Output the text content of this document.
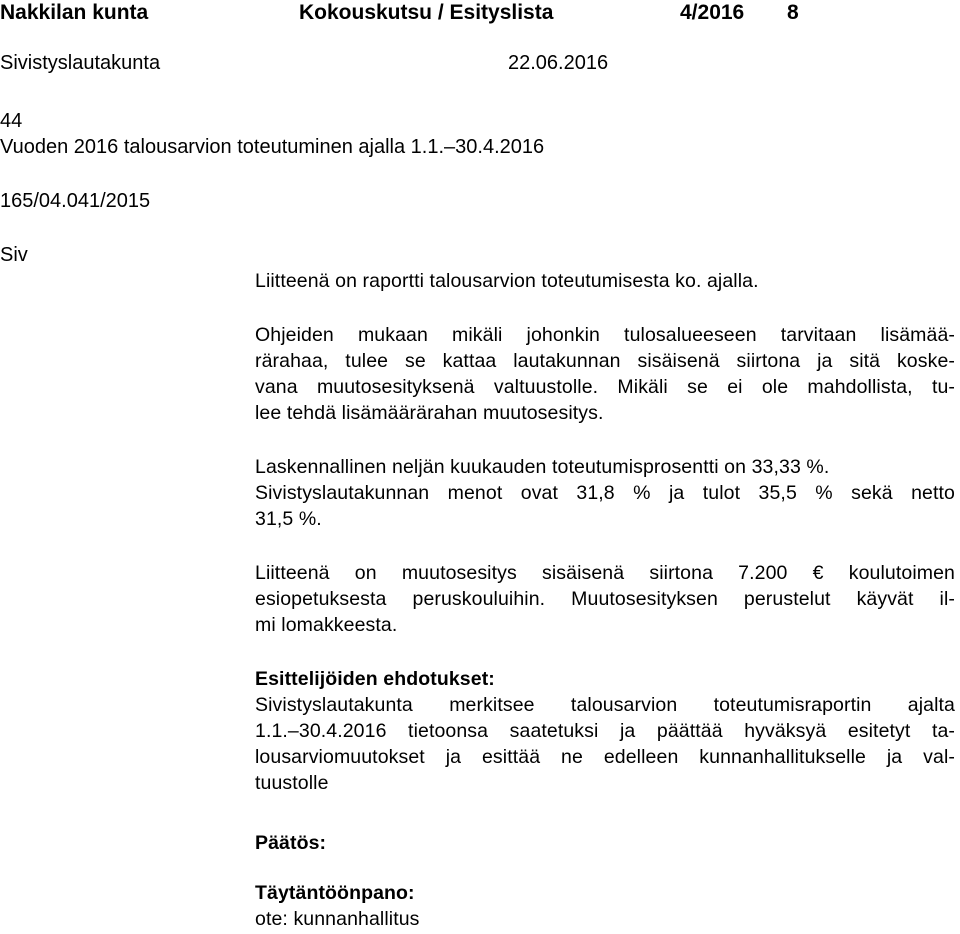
Nakkilan kunta	Kokouskutsu / Esityslista	4/2016 8
Sivistyslautakunta	22.06.2016
44
Vuoden 2016 talousarvion toteutuminen ajalla 1.1.–30.4.2016
165/04.041/2015
Siv
Liitteenä on raportti talousarvion toteutumisesta ko. ajalla.
Ohjeiden mukaan mikäli johonkin tulosalueeseen tarvitaan lisämää-
rärahaa, tulee se kattaa lautakunnan sisäisenä siirtona ja sitä koske-
vana muutosesityksenä valtuustolle. Mikäli se ei ole mahdollista, tu-
lee tehdä lisämäärärahan muutosesitys.
Laskennallinen neljän kuukauden toteutumisprosentti on 33,33 %.
Sivistyslautakunnan menot ovat 31,8 % ja tulot 35,5 % sekä netto
31,5 %.
Liitteenä on muutosesitys sisäisenä siirtona 7.200 € koulutoimen
esiopetuksesta peruskouluihin. Muutosesityksen perustelut käyvät il-
mi lomakkeesta.
Esittelijöiden ehdotukset:
Sivistyslautakunta merkitsee talousarvion toteutumisraportin ajalta
1.1.–30.4.2016 tietoonsa saatetuksi ja päättää hyväksyä esitetyt ta-
lousarviomuutokset ja esittää ne edelleen kunnanhallitukselle ja val-
tuustolle
Päätös:
Täytäntöönpano:
ote: kunnanhallitus
